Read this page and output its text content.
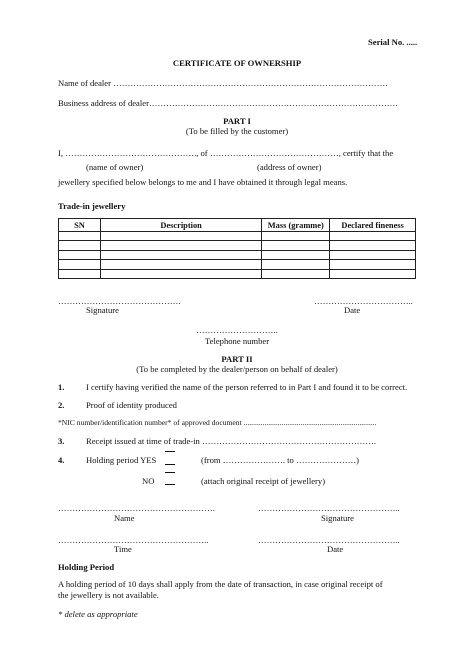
Serial No. .....
CERTIFICATE OF OWNERSHIP
Name of dealer ……………………………………………………………………………………
Business address of dealer……………………………………………………………………………
PART I
(To be filled by the customer)
I, ………………………………………., of ………………………………………, certify that the
(name of owner)	(address of owner)
jewellery specified below belongs to me and I have obtained it through legal means.
Trade-in jewellery
SN	Description	Mass (gramme)	Declared fineness

…………………………………….
Signature
……………………………..
Date
………………………..
Telephone number
PART II
(To be completed by the dealer/person on behalf of dealer)
1.	I certify having verified the name of the person referred to in Part I and found it to be correct.
2.	Proof of identity produced
*NIC number/identification number* of approved document ......................................................................
3.	Receipt issued at time of trade-in …………………………………………………….
4.	Holding period YES	(from …………………. to …………………)
NO	(attach original receipt of jewellery)
……………………………………………….
Name
…………………………………………..
Signature
……………………………………………..
Time
…………………………………………..
Date
Holding Period
A holding period of 10 days shall apply from the date of transaction, in case original receipt of
the jewellery is not available.
* delete as appropriate
